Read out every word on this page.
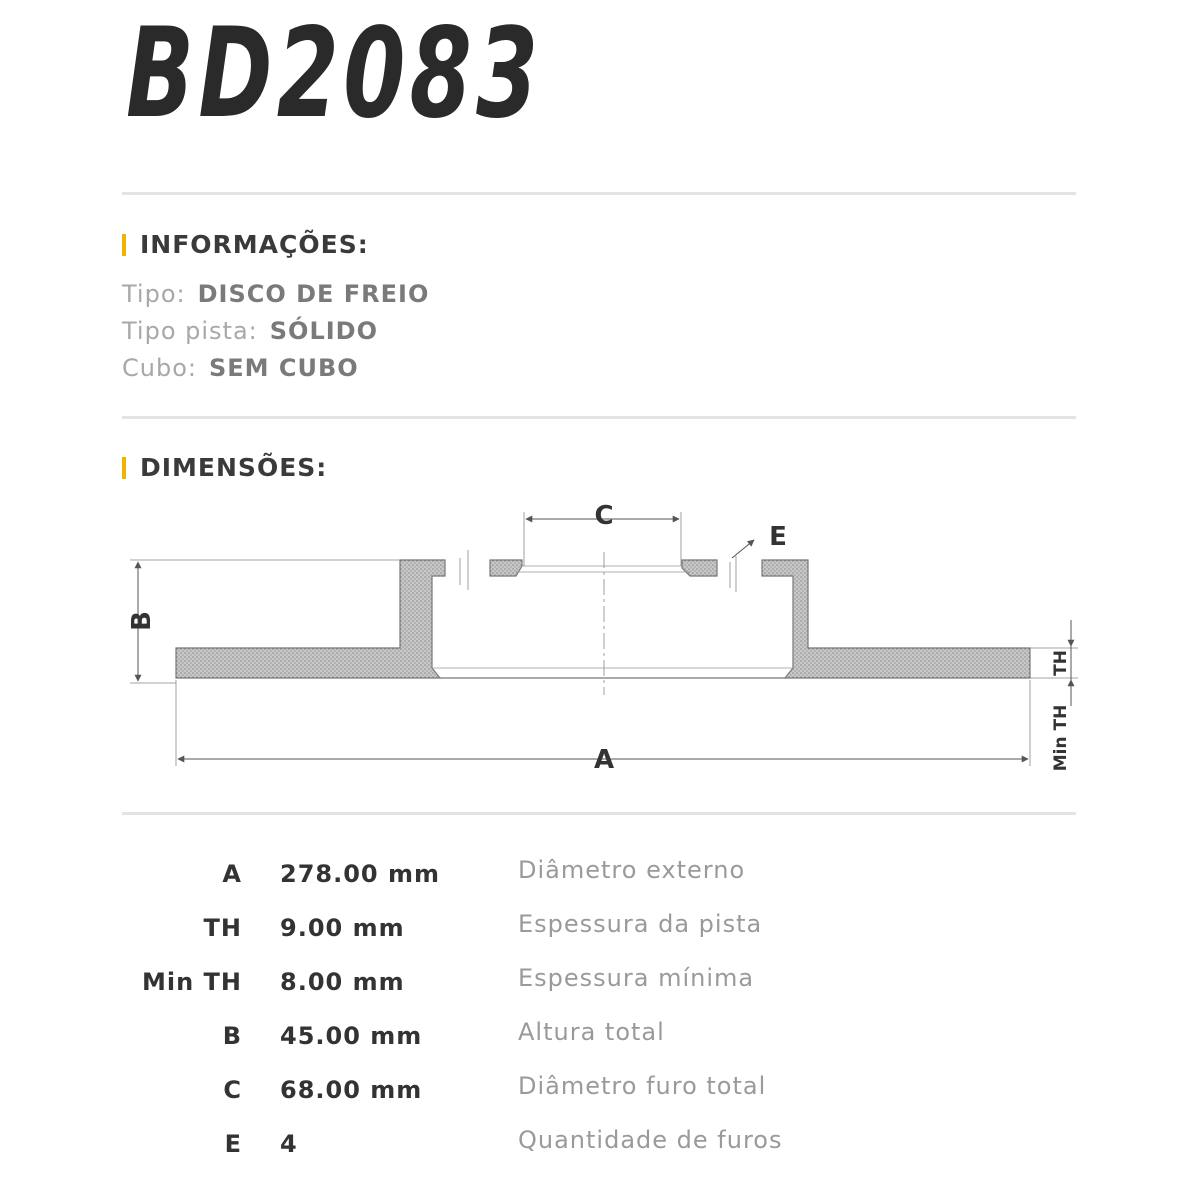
BD2083
INFORMAÇÕES:
Tipo: DISCO DE FREIO
Tipo pista: SÓLIDO
Cubo: SEM CUBO
DIMENSÕES:
C
E
A
B
TH
Min TH
A 278.00 mm	Diâmetro externo
TH 9.00 mm	Espessura da pista
Min TH 8.00 mm	Espessura mínima
B 45.00 mm	Altura total
C 68.00 mm	Diâmetro furo total
E 4	Quantidade de furos
